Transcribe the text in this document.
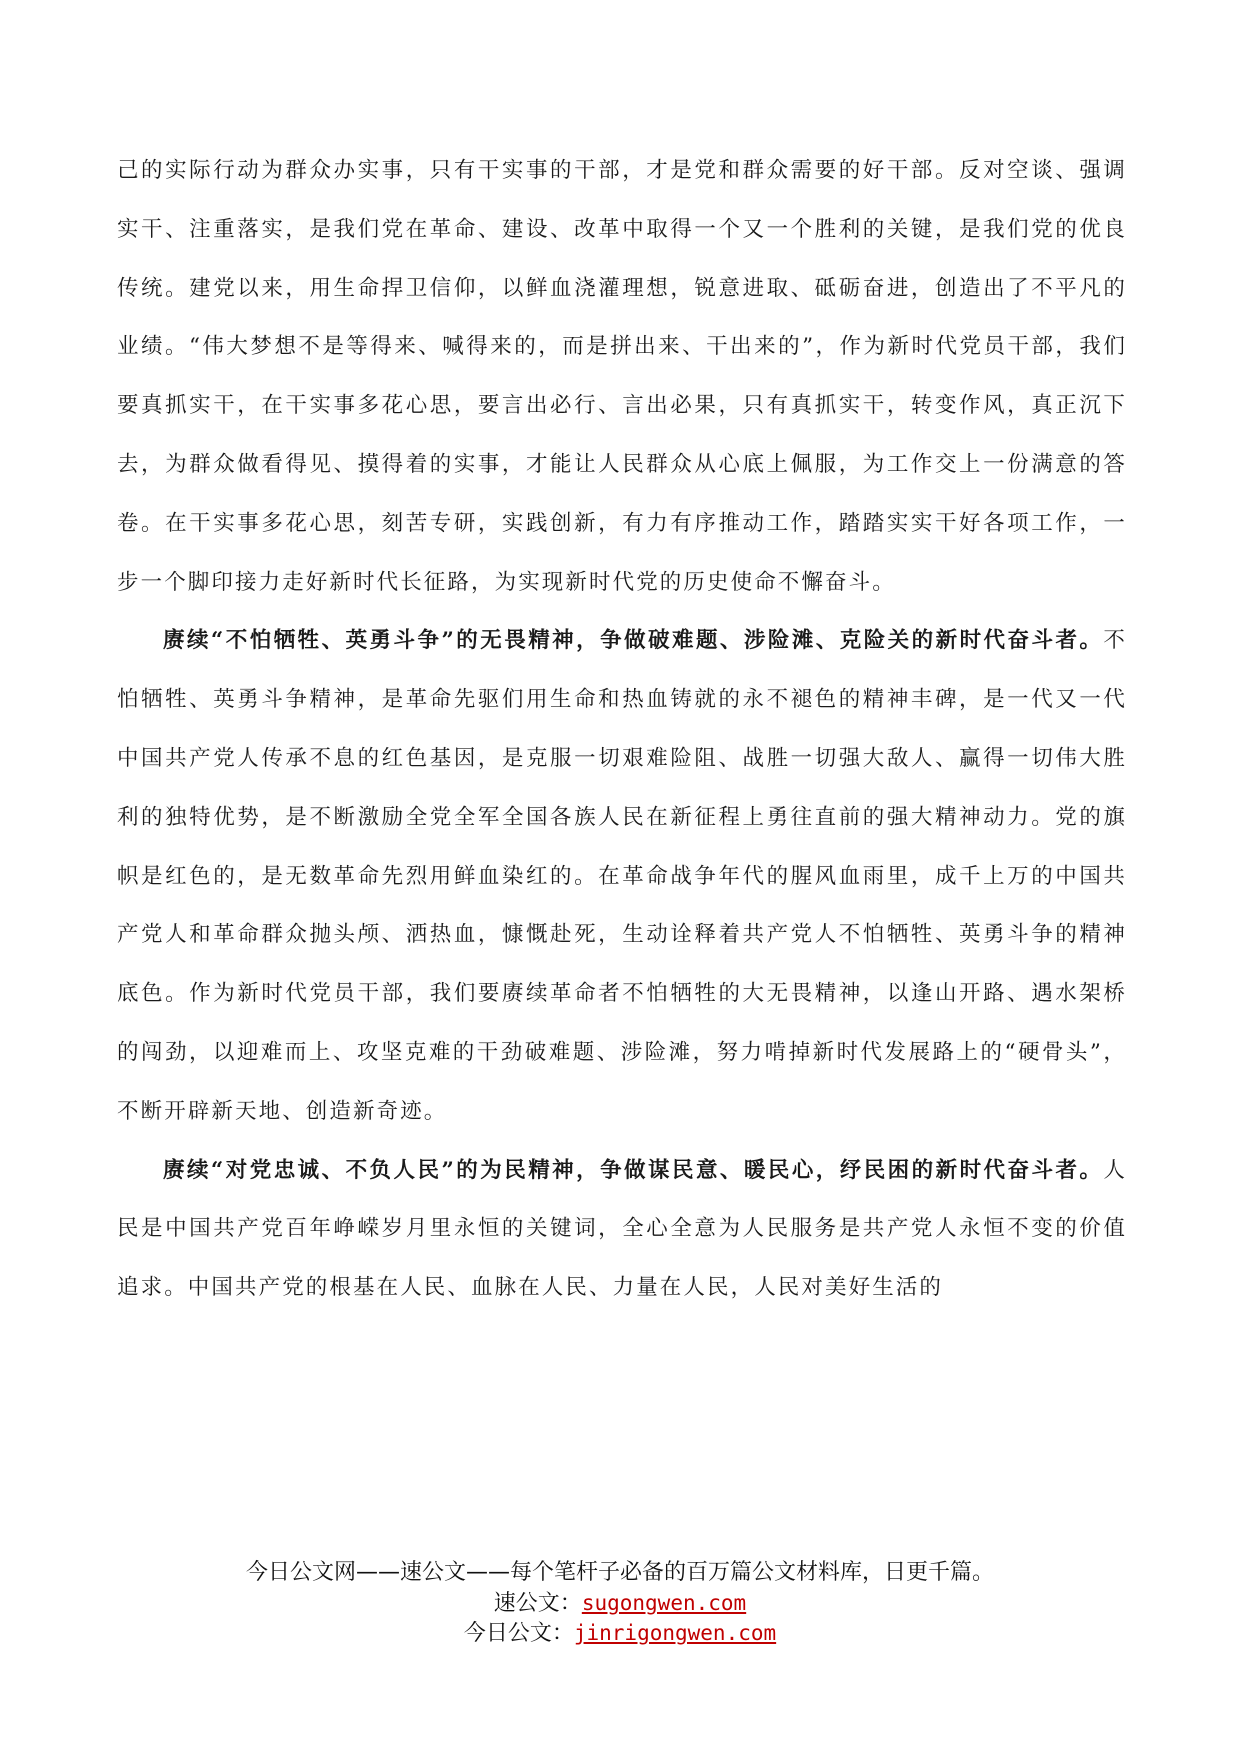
己的实际行动为群众办实事，只有干实事的干部，才是党和群众需要的好干部。反对空谈、强调实干、注重落实，是我们党在革命、建设、改革中取得一个又一个胜利的关键，是我们党的优良传统。建党以来，用生命捍卫信仰，以鲜血浇灌理想，锐意进取、砥砺奋进，创造出了不平凡的业绩。“伟大梦想不是等得来、喊得来的，而是拼出来、干出来的”，作为新时代党员干部，我们要真抓实干，在干实事多花心思，要言出必行、言出必果，只有真抓实干，转变作风，真正沉下去，为群众做看得见、摸得着的实事，才能让人民群众从心底上佩服，为工作交上一份满意的答卷。在干实事多花心思，刻苦专研，实践创新，有力有序推动工作，踏踏实实干好各项工作，一步一个脚印接力走好新时代长征路，为实现新时代党的历史使命不懈奋斗。

赓续“不怕牺牲、英勇斗争”的无畏精神，争做破难题、涉险滩、克险关的新时代奋斗者。不怕牺牲、英勇斗争精神，是革命先驱们用生命和热血铸就的永不褪色的精神丰碑，是一代又一代中国共产党人传承不息的红色基因，是克服一切艰难险阻、战胜一切强大敌人、赢得一切伟大胜利的独特优势，是不断激励全党全军全国各族人民在新征程上勇往直前的强大精神动力。党的旗帜是红色的，是无数革命先烈用鲜血染红的。在革命战争年代的腥风血雨里，成千上万的中国共产党人和革命群众抛头颅、洒热血，慷慨赴死，生动诠释着共产党人不怕牺牲、英勇斗争的精神底色。作为新时代党员干部，我们要赓续革命者不怕牺牲的大无畏精神，以逢山开路、遇水架桥的闯劲，以迎难而上、攻坚克难的干劲破难题、涉险滩，努力啃掉新时代发展路上的“硬骨头”，不断开辟新天地、创造新奇迹。

赓续“对党忠诚、不负人民”的为民精神，争做谋民意、暖民心，纾民困的新时代奋斗者。人民是中国共产党百年峥嵘岁月里永恒的关键词，全心全意为人民服务是共产党人永恒不变的价值追求。中国共产党的根基在人民、血脉在人民、力量在人民，人民对美好生活的

今日公文网——速公文——每个笔杆子必备的百万篇公文材料库，日更千篇。
速公文：sugongwen.com
今日公文：jinrigongwen.com
